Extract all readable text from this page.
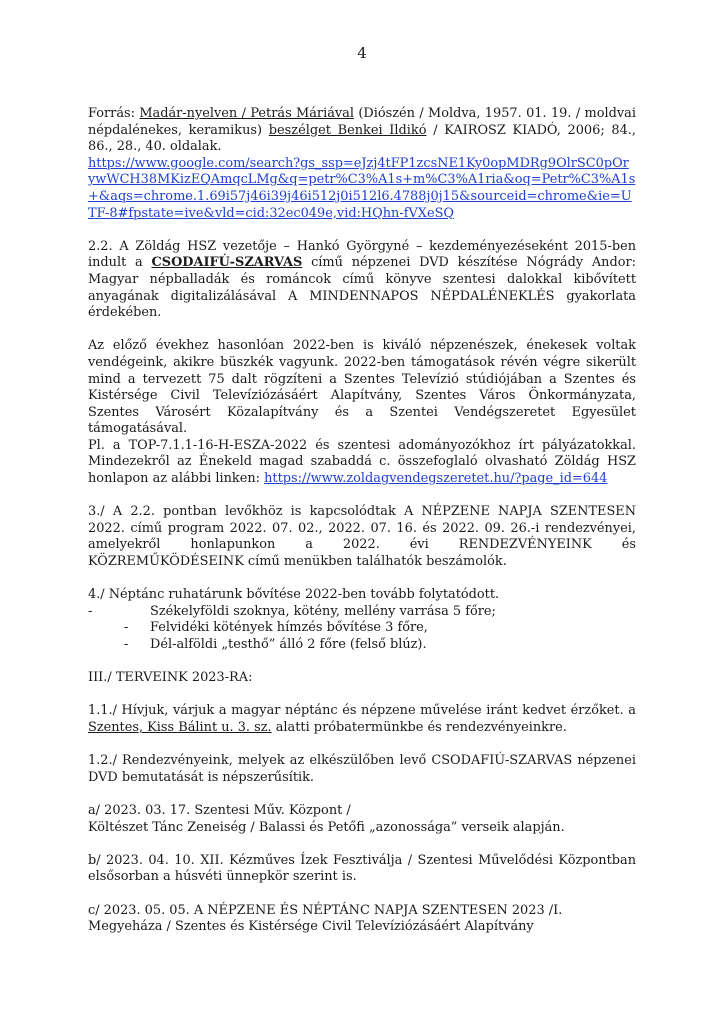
4

Forrás: Madár-nyelven / Petrás Máriával (Diószén / Moldva, 1957. 01. 19. / moldvai népdalénekes, keramikus) beszélget Benkei Ildikó / KAIROSZ KIADÓ, 2006; 84., 86., 28., 40. oldalak.

https://www.google.com/search?gs_ssp=eJzj4tFP1zcsNE1Ky0opMDRg9OlrSC0pOrywWCH38MKizEQAmqcLMg&q=petr%C3%A1s+m%C3%A1ria&oq=Petr%C3%A1s+&aqs=chrome.1.69i57j46i39j46i512j0i512l6.4788j0j15&sourceid=chrome&ie=UTF-8#fpstate=ive&vld=cid:32ec049e,vid:HQhn-fVXeSQ

2.2. A Zöldág HSZ vezetője – Hankó Györgyné – kezdeményezéseként 2015-ben indult a CSODAIFÚ-SZARVAS című népzenei DVD készítése Nógrády Andor: Magyar népballadák és románcok című könyve szentesi dalokkal kibővített anyagának digitalizálásával A MINDENNAPOS NÉPDALÉNEKLÉS gyakorlata érdekében.

Az előző évekhez hasonlóan 2022-ben is kiváló népzenészek, énekesek voltak vendégeink, akikre büszkék vagyunk. 2022-ben támogatások révén végre sikerült mind a tervezett 75 dalt rögzíteni a Szentes Televízió stúdiójában a Szentes és Kistérsége Civil Televíziózásáért Alapítvány, Szentes Város Önkormányzata, Szentes Városért Közalapítvány és a Szentei Vendégszeretet Egyesület támogatásával.

Pl. a TOP-7.1.1-16-H-ESZA-2022 és szentesi adományozókhoz írt pályázatokkal. Mindezekről az Énekeld magad szabaddá c. összefoglaló olvasható Zöldág HSZ honlapon az alábbi linken: https://www.zoldagvendegszeretet.hu/?page_id=644

3./ A 2.2. pontban levőkhöz is kapcsolódtak A NÉPZENE NAPJA SZENTESEN 2022. című program 2022. 07. 02., 2022. 07. 16. és 2022. 09. 26.-i rendezvényei, amelyekről honlapunkon a 2022. évi RENDEZVÉNYEINK és KÖZREMŰKÖDÉSEINK című menükben találhatók beszámolók.

4./ Néptánc ruhatárunk bővítése 2022-ben tovább folytatódott.

-	Székelyföldi szoknya, kötény, mellény varrása 5 főre;
-	Felvidéki kötények hímzés bővítése 3 főre,
-	Dél-alföldi „testhő” álló 2 főre (felső blúz).

III./ TERVEINK 2023-RA:

1.1./ Hívjuk, várjuk a magyar néptánc és népzene művelése iránt kedvet érzőket. a Szentes, Kiss Bálint u. 3. sz. alatti próbatermünkbe és rendezvényeinkre.

1.2./ Rendezvényeink, melyek az elkészülőben levő CSODAFIÚ-SZARVAS népzenei DVD bemutatását is népszerűsítik.

a/ 2023. 03. 17. Szentesi Műv. Központ /

Költészet Tánc Zeneiség / Balassi és Petőfi „azonossága” verseik alapján.

b/ 2023. 04. 10. XII. Kézműves Ízek Fesztiválja / Szentesi Művelődési Központban elsősorban a húsvéti ünnepkör szerint is.

c/ 2023. 05. 05. A NÉPZENE ÉS NÉPTÁNC NAPJA SZENTESEN 2023 /I.

Megyeháza / Szentes és Kistérsége Civil Televíziózásáért Alapítvány
